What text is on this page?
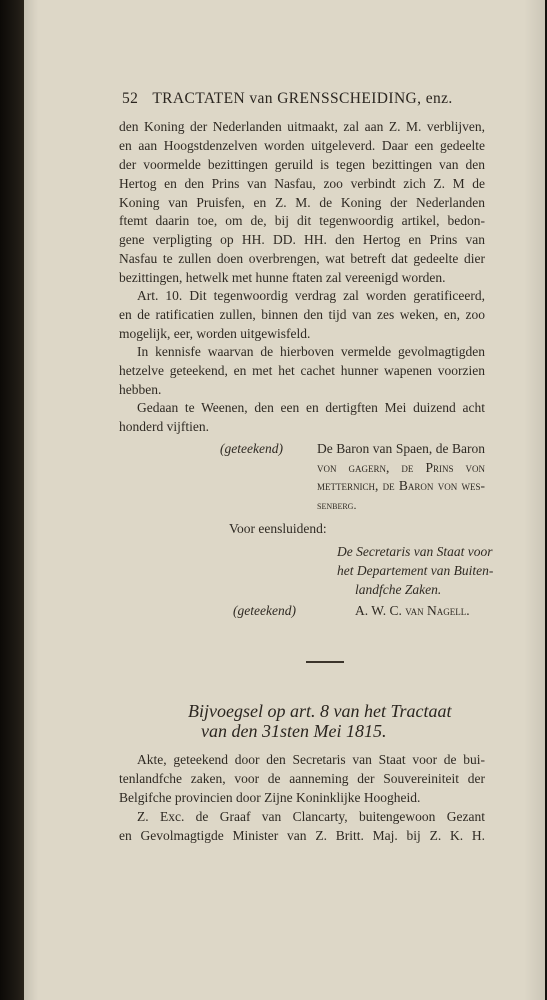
52 TRACTATEN van GRENSSCHEIDING, enz.
den Koning der Nederlanden uitmaakt, zal aan Z. M. verblijven,
en aan Hoogstdenzelven worden uitgeleverd. Daar een gedeelte
der voormelde bezittingen geruild is tegen bezittingen van den
Hertog en den Prins van Nasfau, zoo verbindt zich Z. M de
Koning van Pruisfen, en Z. M. de Koning der Nederlanden
ftemt daarin toe, om de, bij dit tegenwoordig artikel, bedon-
gene verpligting op HH. DD. HH. den Hertog en Prins van
Nasfau te zullen doen overbrengen, wat betreft dat gedeelte dier
bezittingen, hetwelk met hunne ftaten zal vereenigd worden.
Art. 10. Dit tegenwoordig verdrag zal worden geratificeerd,
en de ratificatien zullen, binnen den tijd van zes weken, en, zoo
mogelijk, eer, worden uitgewisfeld.
In kennisfe waarvan de hierboven vermelde gevolmagtigden
hetzelve geteekend, en met het cachet hunner wapenen voorzien
hebben.
Gedaan te Weenen, den een en dertigften Mei duizend acht
honderd vijftien.
(geteekend)	De Baron van Spaen, de Baron
von gagern, de Prins von
metternich, de Baron von wes-
senberg.
Voor eensluidend:
De Secretaris van Staat voor
het Departement van Buiten-
landfche Zaken.
(geteekend)	A. W. C. van Nagell.
Bijvoegsel op art. 8 van het Tractaat
van den 31sten Mei 1815.
Akte, geteekend door den Secretaris van Staat voor de bui-
tenlandfche zaken, voor de aanneming der Souvereiniteit der
Belgifche provincien door Zijne Koninklijke Hoogheid.
Z. Exc. de Graaf van Clancarty, buitengewoon Gezant
en Gevolmagtigde Minister van Z. Britt. Maj. bij Z. K. H.
